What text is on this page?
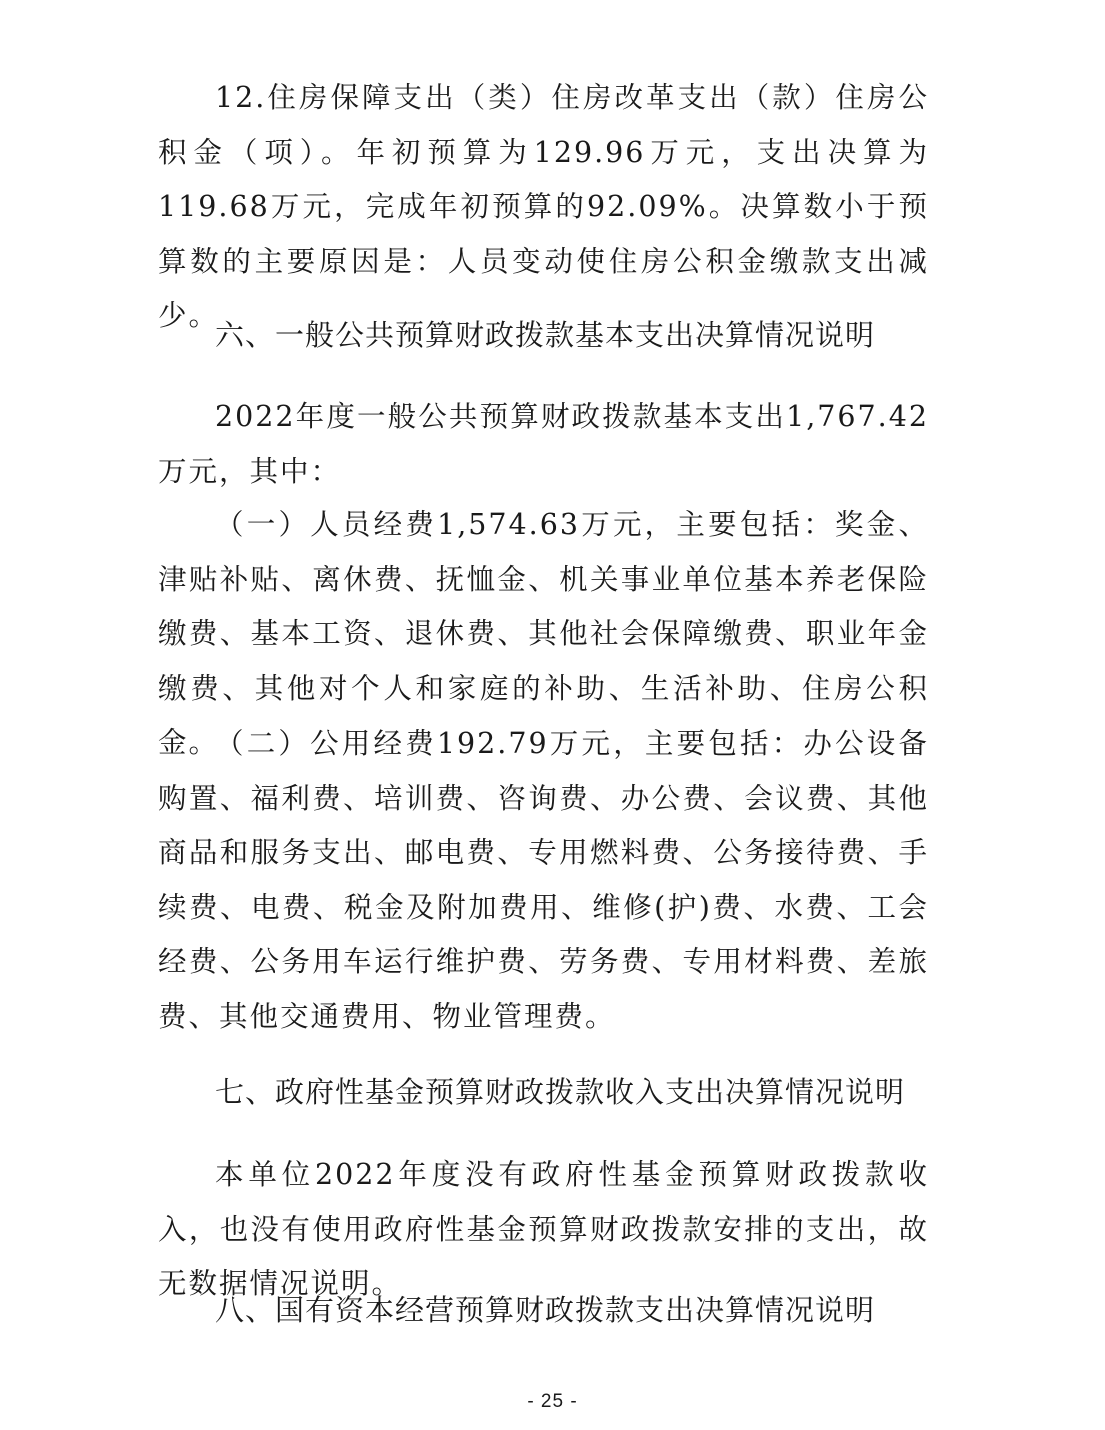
12.住房保障支出（类）住房改革支出（款）住房公积金（项）。年初预算为129.96万元，支出决算为119.68万元，完成年初预算的92.09%。决算数小于预算数的主要原因是：人员变动使住房公积金缴款支出减少。

六、一般公共预算财政拨款基本支出决算情况说明

2022年度一般公共预算财政拨款基本支出1,767.42万元，其中：

（一）人员经费1,574.63万元，主要包括：奖金、津贴补贴、离休费、抚恤金、机关事业单位基本养老保险缴费、基本工资、退休费、其他社会保障缴费、职业年金缴费、其他对个人和家庭的补助、生活补助、住房公积金。

（二）公用经费192.79万元，主要包括：办公设备购置、福利费、培训费、咨询费、办公费、会议费、其他商品和服务支出、邮电费、专用燃料费、公务接待费、手续费、电费、税金及附加费用、维修(护)费、水费、工会经费、公务用车运行维护费、劳务费、专用材料费、差旅费、其他交通费用、物业管理费。

七、政府性基金预算财政拨款收入支出决算情况说明

本单位2022年度没有政府性基金预算财政拨款收入，也没有使用政府性基金预算财政拨款安排的支出，故无数据情况说明。

八、国有资本经营预算财政拨款支出决算情况说明
- 25 -
